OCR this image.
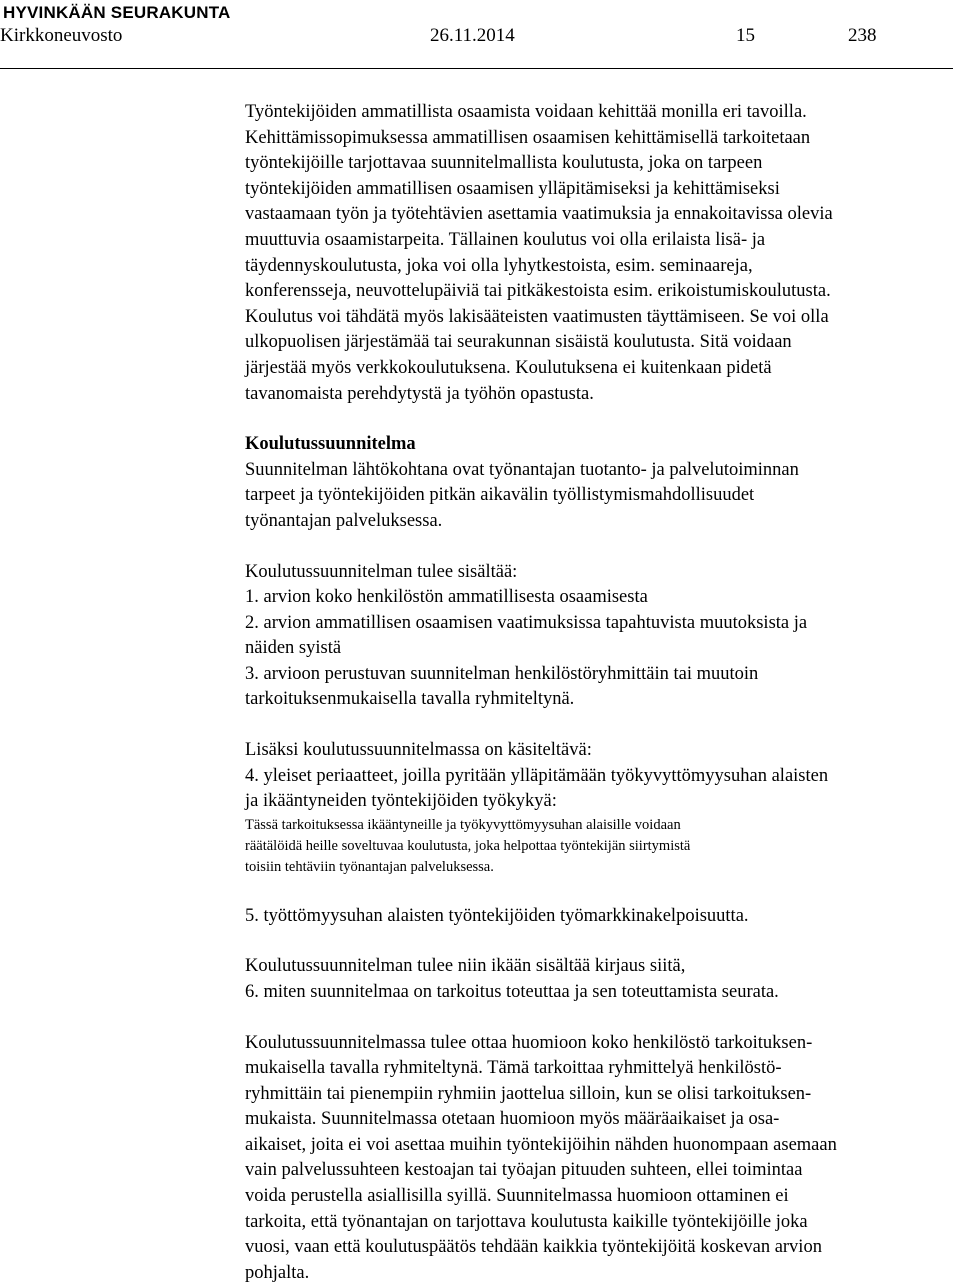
HYVINKÄÄN SEURAKUNTA
Kirkkoneuvosto	26.11.2014	15	238

Työntekijöiden ammatillista osaamista voidaan kehittää monilla eri tavoilla.
Kehittämissopimuksessa ammatillisen osaamisen kehittämisellä tarkoitetaan
työntekijöille tarjottavaa suunnitelmallista koulutusta, joka on tarpeen
työntekijöiden ammatillisen osaamisen ylläpitämiseksi ja kehittämiseksi
vastaamaan työn ja työtehtävien asettamia vaatimuksia ja ennakoitavissa olevia
muuttuvia osaamistarpeita. Tällainen koulutus voi olla erilaista lisä- ja
täydennyskoulutusta, joka voi olla lyhytkestoista, esim. seminaareja,
konferensseja, neuvottelupäiviä tai pitkäkestoista esim. erikoistumiskoulutusta.
Koulutus voi tähdätä myös lakisääteisten vaatimusten täyttämiseen. Se voi olla
ulkopuolisen järjestämää tai seurakunnan sisäistä koulutusta. Sitä voidaan
järjestää myös verkkokoulutuksena. Koulutuksena ei kuitenkaan pidetä
tavanomaista perehdytystä ja työhön opastusta.

Koulutussuunnitelma

Suunnitelman lähtökohtana ovat työnantajan tuotanto- ja palvelutoiminnan
tarpeet ja työntekijöiden pitkän aikavälin työllistymismahdollisuudet
työnantajan palveluksessa.

Koulutussuunnitelman tulee sisältää:
1. arvion koko henkilöstön ammatillisesta osaamisesta
2. arvion ammatillisen osaamisen vaatimuksissa tapahtuvista muutoksista ja
näiden syistä
3. arvioon perustuvan suunnitelman henkilöstöryhmittäin tai muutoin
tarkoituksenmukaisella tavalla ryhmiteltynä.

Lisäksi koulutussuunnitelmassa on käsiteltävä:
4. yleiset periaatteet, joilla pyritään ylläpitämään työkyvyttömyysuhan alaisten
ja ikääntyneiden työntekijöiden työkykyä:

Tässä tarkoituksessa ikääntyneille ja työkyvyttömyysuhan alaisille voidaan
räätälöidä heille soveltuvaa koulutusta, joka helpottaa työntekijän siirtymistä
toisiin tehtäviin työnantajan palveluksessa.

5. työttömyysuhan alaisten työntekijöiden työmarkkinakelpoisuutta.

Koulutussuunnitelman tulee niin ikään sisältää kirjaus siitä,
6. miten suunnitelmaa on tarkoitus toteuttaa ja sen toteuttamista seurata.

Koulutussuunnitelmassa tulee ottaa huomioon koko henkilöstö tarkoituksen-
mukaisella tavalla ryhmiteltynä. Tämä tarkoittaa ryhmittelyä henkilöstö-
ryhmittäin tai pienempiin ryhmiin jaottelua silloin, kun se olisi tarkoituksen-
mukaista. Suunnitelmassa otetaan huomioon myös määräaikaiset ja osa-
aikaiset, joita ei voi asettaa muihin työntekijöihin nähden huonompaan asemaan
vain palvelussuhteen kestoajan tai työajan pituuden suhteen, ellei toimintaa
voida perustella asiallisilla syillä. Suunnitelmassa huomioon ottaminen ei
tarkoita, että työnantajan on tarjottava koulutusta kaikille työntekijöille joka
vuosi, vaan että koulutuspäätös tehdään kaikkia työntekijöitä koskevan arvion
pohjalta.
